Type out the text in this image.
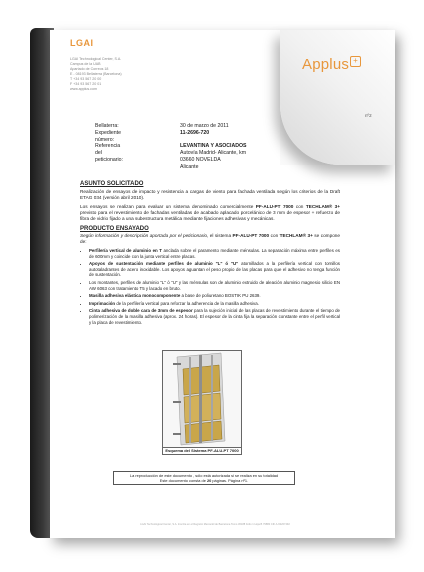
LGAI
LGAI Technological Center, S.A.
Campus de la UAB
Apartado de Correos 18
E - 08193 Bellaterra (Barcelona)
T +34 93 567 20 00
F +34 93 567 20 01
www.applus.com
Applus +
nº2
Bellaterra:	30 de marzo de 2011
Expediente número:
11-2696-720
Referencia del peticionario:
LEVANTINA Y ASOCIADOS
Autovía Madrid- Alicante, km
03660 NOVELDA
Alicante
ASUNTO SOLICITADO
Realización de ensayos de impacto y resistencia a cargas de viento para fachada ventilada según los criterios de la Draft ETAG 034 (versión abril 2010).
Los ensayos se realizan para evaluar un sistema denominado comercialmente PF-ALU-PT 7000 con TECHLAM® 3+ previsto para el revestimiento de fachadas ventiladas de acabado aplacado porcelánico de 3 mm de espesor + refuerzo de fibra de vidrio fijado a una subestructura metálica mediante fijaciones adhesivas y mecánicas.
PRODUCTO ENSAYADO
Según información y descripción aportada por el peticionario, el sistema PF-ALU-PT 7000 con TECHLAM® 3+ se compone de:
• Perfilería vertical de aluminio en T anclada sobre el paramento mediante ménsulas. La separación máxima entre perfiles es de 600mm y coincide con la junta vertical entre placas.
• Apoyos de sustentación mediante perfiles de aluminio "L" ó "U" atornillados a la perfilería vertical con tornillos autotaladrantes de acero inoxidable. Los apoyos aguantan el peso propio de las placas para que el adhesivo no tenga función de sustentación.
• Los montantes, perfiles de aluminio "L" ó "U" y las ménsulas son de aluminio extruido de aleación aluminio magnesio silicio EN AW 6063 con tratamiento T5 y lacado en bruto.
• Masilla adhesiva elástica monocomponente a base de poliuretano BOSTIK PU 2639.
• Imprimación de la perfilería vertical para reforzar la adherencia de la masilla adhesiva.
• Cinta adhesiva de doble cara de 3mm de espesor para la sujeción inicial de las placas de revestimiento durante el tiempo de polimerización de la masilla adhesiva (aprox. 24 horas). El espesor de la cinta fija la separación constante entre el perfil vertical y la placa de revestimiento.
Esquema del Sistema PF-ALU-PT 7000
La reproducción de este documento , sólo está autorizada si se realiza en su totalidad
Este documento consta de 20 páginas. Página nº1.
LGAI Technological Center, S.A. Inscrita en el Registro Mercantil de Barcelona Tomo 36188 Folio 1 Hoja B 79880 CIF A-63207492
